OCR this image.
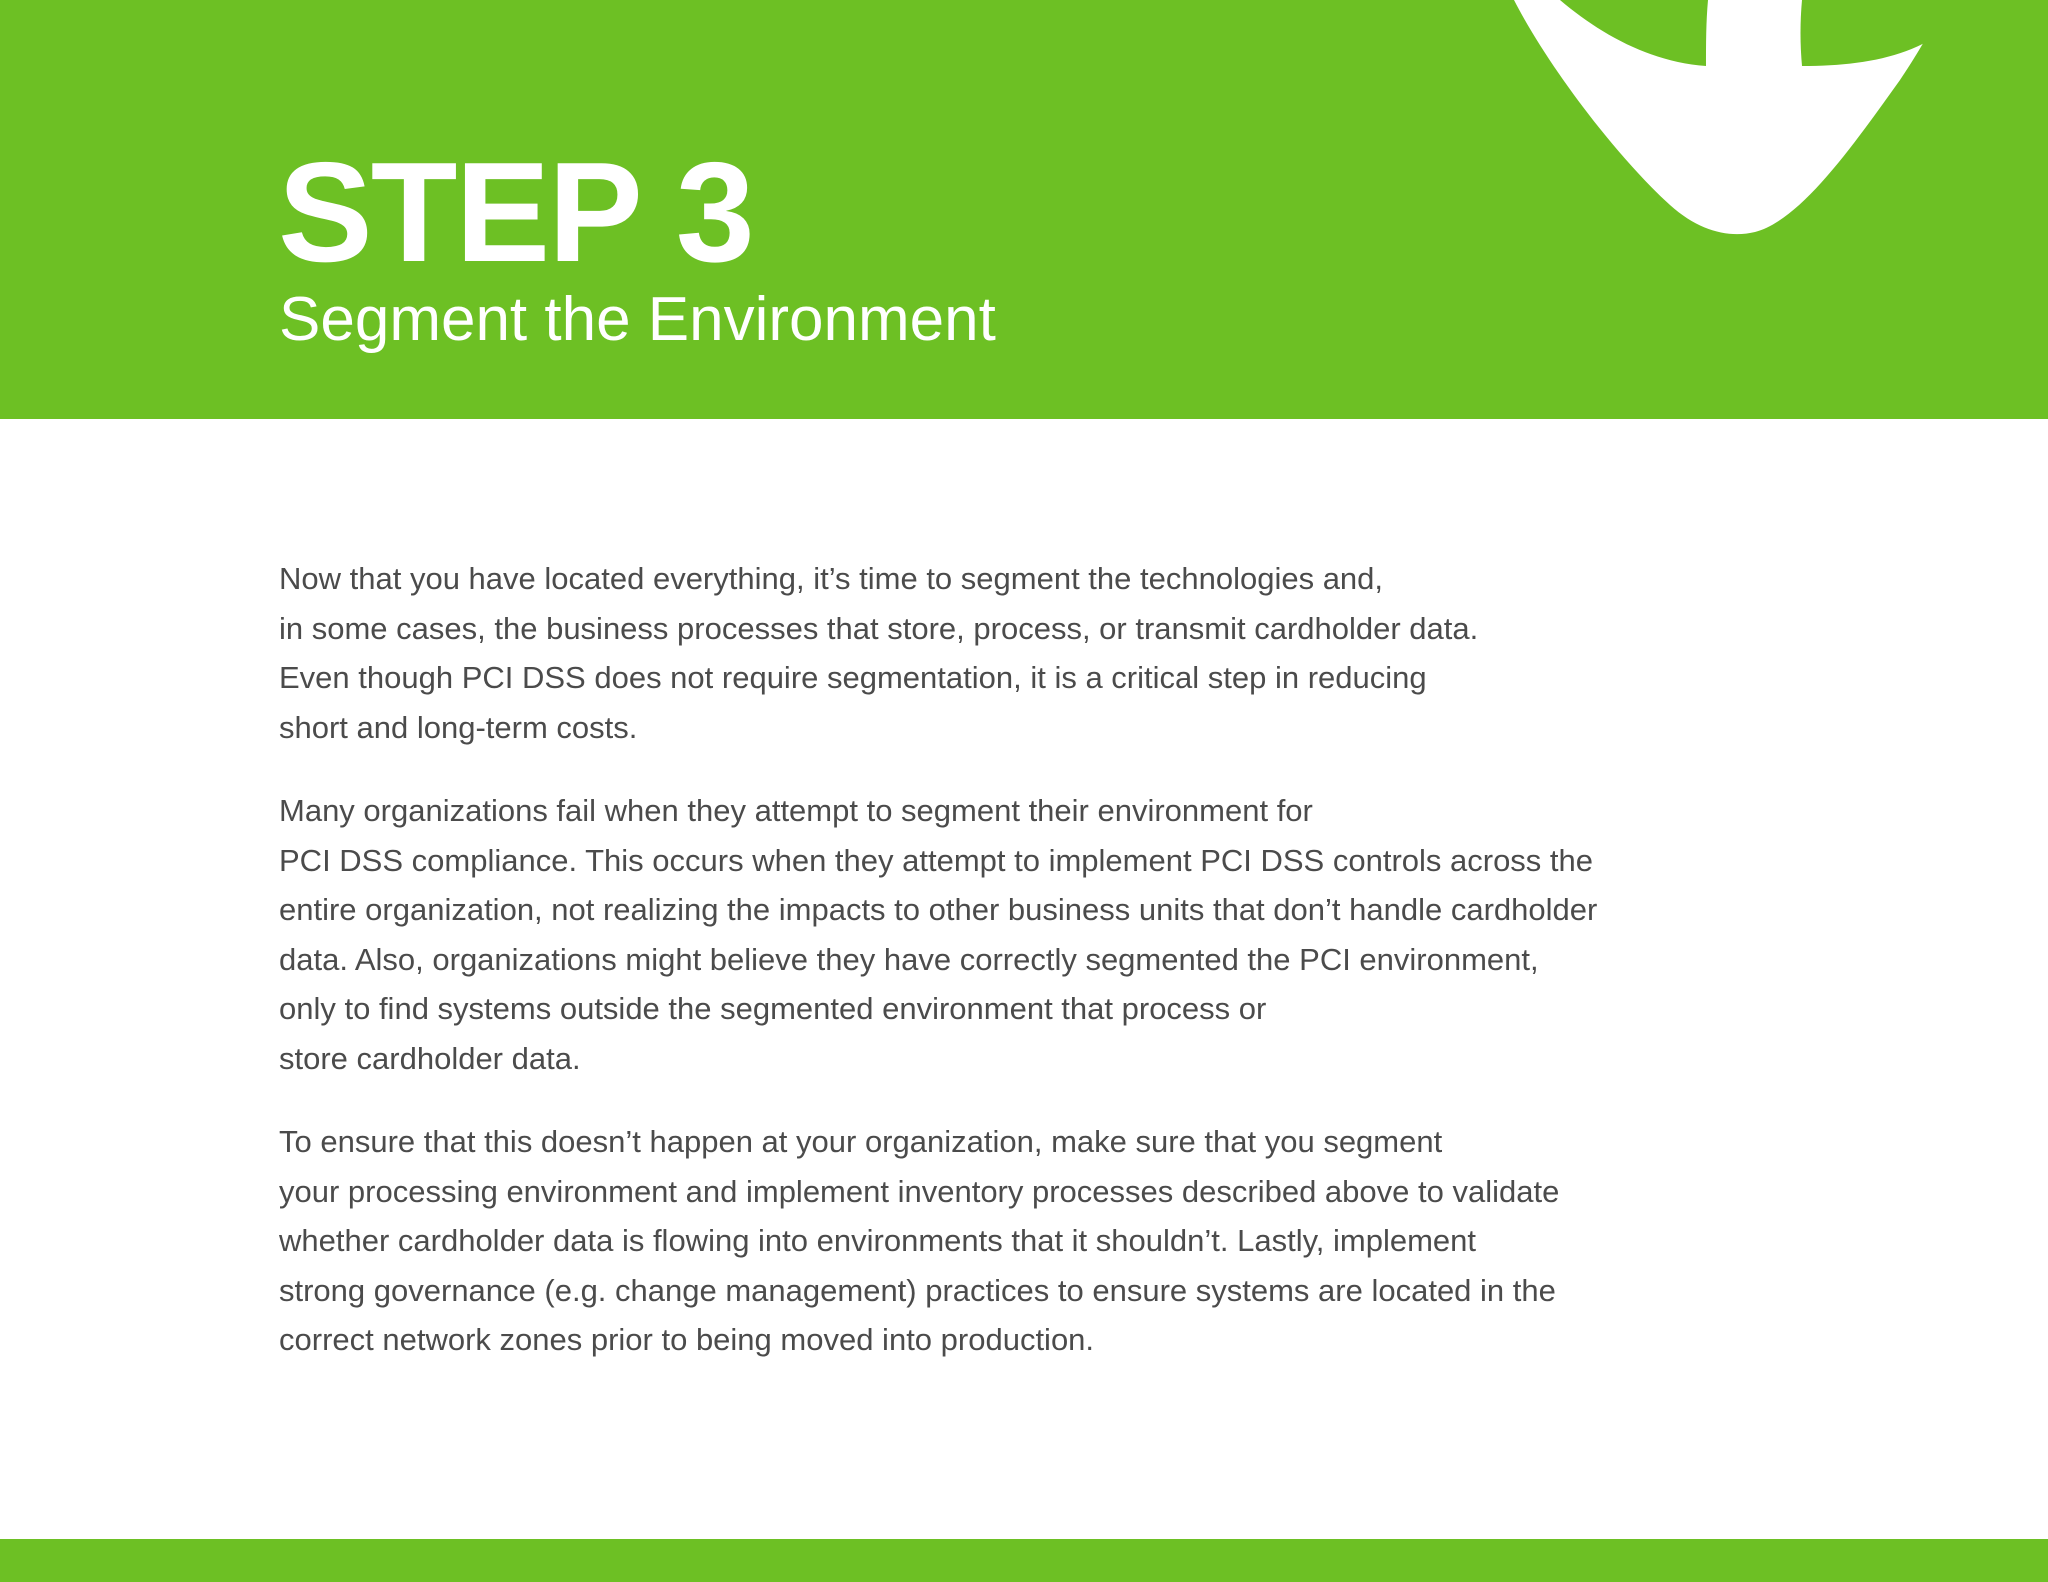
STEP 3
Segment the Environment

Now that you have located everything, it’s time to segment the technologies and,
in some cases, the business processes that store, process, or transmit cardholder data.
Even though PCI DSS does not require segmentation, it is a critical step in reducing
short and long-term costs.

Many organizations fail when they attempt to segment their environment for
PCI DSS compliance. This occurs when they attempt to implement PCI DSS controls across the
entire organization, not realizing the impacts to other business units that don’t handle cardholder
data. Also, organizations might believe they have correctly segmented the PCI environment,
only to find systems outside the segmented environment that process or
store cardholder data.

To ensure that this doesn’t happen at your organization, make sure that you segment
your processing environment and implement inventory processes described above to validate
whether cardholder data is flowing into environments that it shouldn’t. Lastly, implement
strong governance (e.g. change management) practices to ensure systems are located in the
correct network zones prior to being moved into production.
